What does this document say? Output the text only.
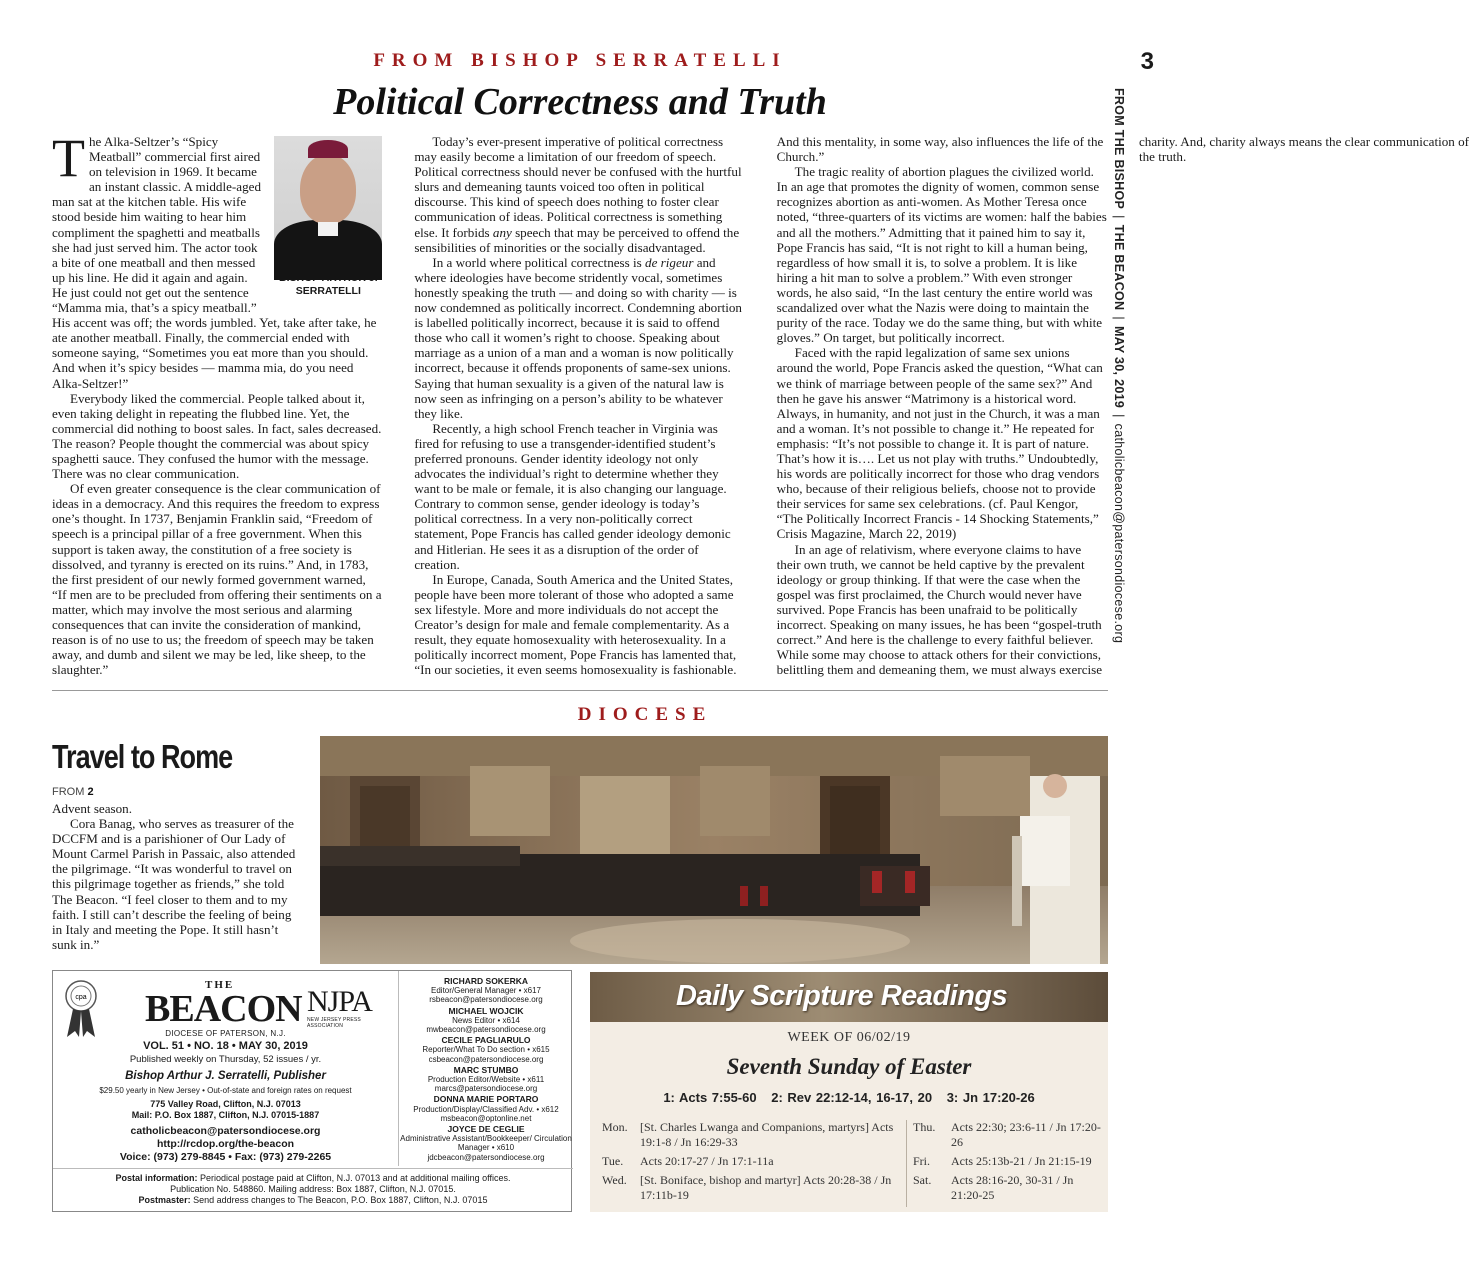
3
FROM THE BISHOP|THE BEACON|MAY 30, 2019|catholicbeacon@patersondiocese.org
FROM BISHOP SERRATELLI
Political Correctness and Truth

SERRATELLI
T he Alka-Seltzer’s “Spicy Meatball” commercial first aired on television in 1969. It became an instant classic. A middle-aged man sat at the kitchen table. His wife stood beside him waiting to hear him compliment the spaghetti and meatballs she had just served him. The actor took a bite of one meatball and then messed up his line. He did it again and again. He just could not get out the sentence “Mamma mia, that’s a spicy meatball.” His accent was off; the words jumbled. Yet, take after take, he ate another meatball. Finally, the commercial ended with someone saying, “Sometimes you eat more than you should. And when it’s spicy besides — mamma mia, do you need Alka-Seltzer!”

Everybody liked the commercial. People talked about it, even taking delight in repeating the flubbed line. Yet, the commercial did nothing to boost sales. In fact, sales decreased. The reason? People thought the commercial was about spicy spaghetti sauce. They confused the humor with the message. There was no clear communication.

Of even greater consequence is the clear communication of ideas in a democracy. And this requires the freedom to express one’s thought. In 1737, Benjamin Franklin said, “Freedom of speech is a principal pillar of a free government. When this support is taken away, the constitution of a free society is dissolved, and tyranny is erected on its ruins.” And, in 1783, the first president of our newly formed government warned, “If men are to be precluded from offering their sentiments on a matter, which may involve the most serious and alarming consequences that can invite the consideration of mankind, reason is of no use to us; the freedom of speech may be taken away, and dumb and silent we may be led, like sheep, to the slaughter.”

Today’s ever-present imperative of political correctness may easily become a limitation of our freedom of speech. Political correctness should never be confused with the hurtful slurs and demeaning taunts voiced too often in political discourse. This kind of speech does nothing to foster clear communication of ideas. Political correctness is something else. It forbids any speech that may be perceived to offend the sensibilities of minorities or the socially disadvantaged.

In a world where political correctness is de rigeur and where ideologies have become stridently vocal, sometimes honestly speaking the truth — and doing so with charity — is now condemned as politically incorrect. Condemning abortion is labelled politically incorrect, because it is said to offend those who call it women’s right to choose. Speaking about marriage as a union of a man and a woman is now politically incorrect, because it offends proponents of same-sex unions. Saying that human sexuality is a given of the natural law is now seen as infringing on a person’s ability to be whatever they like.

Recently, a high school French teacher in Virginia was fired for refusing to use a transgender-identified student’s preferred pronouns. Gender identity ideology not only advocates the individual’s right to determine whether they want to be male or female, it is also changing our language. Contrary to common sense, gender ideology is today’s political correctness. In a very non-politically correct statement, Pope Francis has called gender ideology demonic and Hitlerian. He sees it as a disruption of the order of creation.

In Europe, Canada, South America and the United States, people have been more tolerant of those who adopted a same sex lifestyle. More and more individuals do not accept the Creator’s design for male and female complementarity. As a result, they equate homosexuality with heterosexuality. In a politically incorrect moment, Pope Francis has lamented that, “In our societies, it even seems homosexuality is fashionable. And this mentality, in some way, also influences the life of the Church.”

The tragic reality of abortion plagues the civilized world. In an age that promotes the dignity of women, common sense recognizes abortion as anti-women. As Mother Teresa once noted, “three-quarters of its victims are women: half the babies and all the mothers.” Admitting that it pained him to say it, Pope Francis has said, “It is not right to kill a human being, regardless of how small it is, to solve a problem. It is like hiring a hit man to solve a problem.” With even stronger words, he also said, “In the last century the entire world was scandalized over what the Nazis were doing to maintain the purity of the race. Today we do the same thing, but with white gloves.” On target, but politically incorrect.

Faced with the rapid legalization of same sex unions around the world, Pope Francis asked the question, “What can we think of marriage between people of the same sex?” And then he gave his answer “Matrimony is a historical word. Always, in humanity, and not just in the Church, it was a man and a woman. It’s not possible to change it.” He repeated for emphasis: “It’s not possible to change it. It is part of nature. That’s how it is…. Let us not play with truths.” Undoubtedly, his words are politically incorrect for those who drag vendors who, because of their religious beliefs, choose not to provide their services for same sex celebrations. (cf. Paul Kengor, “The Politically Incorrect Francis - 14 Shocking Statements,” Crisis Magazine, March 22, 2019)

In an age of relativism, where everyone claims to have their own truth, we cannot be held captive by the prevalent ideology or group thinking. If that were the case when the gospel was first proclaimed, the Church would never have survived. Pope Francis has been unafraid to be politically incorrect. Speaking on many issues, he has been “gospel-truth correct.” And here is the challenge to every faithful believer. While some may choose to attack others for their convictions, belittling them and demeaning them, we must always exercise charity. And, charity always means the clear communication of the truth.

DIOCESE
Travel to Rome
FROM 2

Advent season.

Cora Banag, who serves as treasurer of the DCCFM and is a parishioner of Our Lady of Mount Carmel Parish in Passaic, also attended the pilgrimage. “It was wonderful to travel on this pilgrimage together as friends,” she told The Beacon. “I feel closer to them and to my faith. I still can’t describe the feeling of being in Italy and meeting the Pope. It still hasn’t sunk in.”

cpa
THE
BEACON NJPA
NEW JERSEY PRESS ASSOCIATION
DIOCESE OF PATERSON, N.J.
VOL. 51 • NO. 18 • MAY 30, 2019
Published weekly on Thursday, 52 issues / yr.
Bishop Arthur J. Serratelli, Publisher
$29.50 yearly in New Jersey • Out-of-state and foreign rates on request
775 Valley Road, Clifton, N.J. 07013
Mail: P.O. Box 1887, Clifton, N.J. 07015-1887
catholicbeacon@patersondiocese.org
http://rcdop.org/the-beacon
Voice: (973) 279-8845 • Fax: (973) 279-2265
RICHARD SOKERKA
Editor/General Manager • x617
rsbeacon@patersondiocese.org
MICHAEL WOJCIK
News Editor • x614
mwbeacon@patersondiocese.org
CECILE PAGLIARULO
Reporter/What To Do section • x615
csbeacon@patersondiocese.org
MARC STUMBO
Production Editor/Website • x611
marcs@patersondiocese.org
DONNA MARIE PORTARO
Production/Display/Classified Adv. • x612
msbeacon@optonline.net
JOYCE DE CEGLIE
Administrative Assistant/Bookkeeper/ Circulation Manager • x610
jdcbeacon@patersondiocese.org
Postal information: Periodical postage paid at Clifton, N.J. 07013 and at additional mailing offices.
Publication No. 548860. Mailing address: Box 1887, Clifton, N.J. 07015.
Postmaster: Send address changes to The Beacon, P.O. Box 1887, Clifton, N.J. 07015
Daily Scripture Readings
WEEK OF 06/02/19
Seventh Sunday of Easter
1: Acts 7:55-60 2: Rev 22:12-14, 16-17, 20 3: Jn 17:20-26
Mon.	[St. Charles Lwanga and Companions, martyrs] Acts 19:1-8 / Jn 16:29-33
Tue.	Acts 20:17-27 / Jn 17:1-11a
Wed.	[St. Boniface, bishop and martyr] Acts 20:28-38 / Jn 17:11b-19
Thu.	Acts 22:30; 23:6-11 / Jn 17:20-26
Fri.	Acts 25:13b-21 / Jn 21:15-19
Sat.	Acts 28:16-20, 30-31 / Jn 21:20-25
